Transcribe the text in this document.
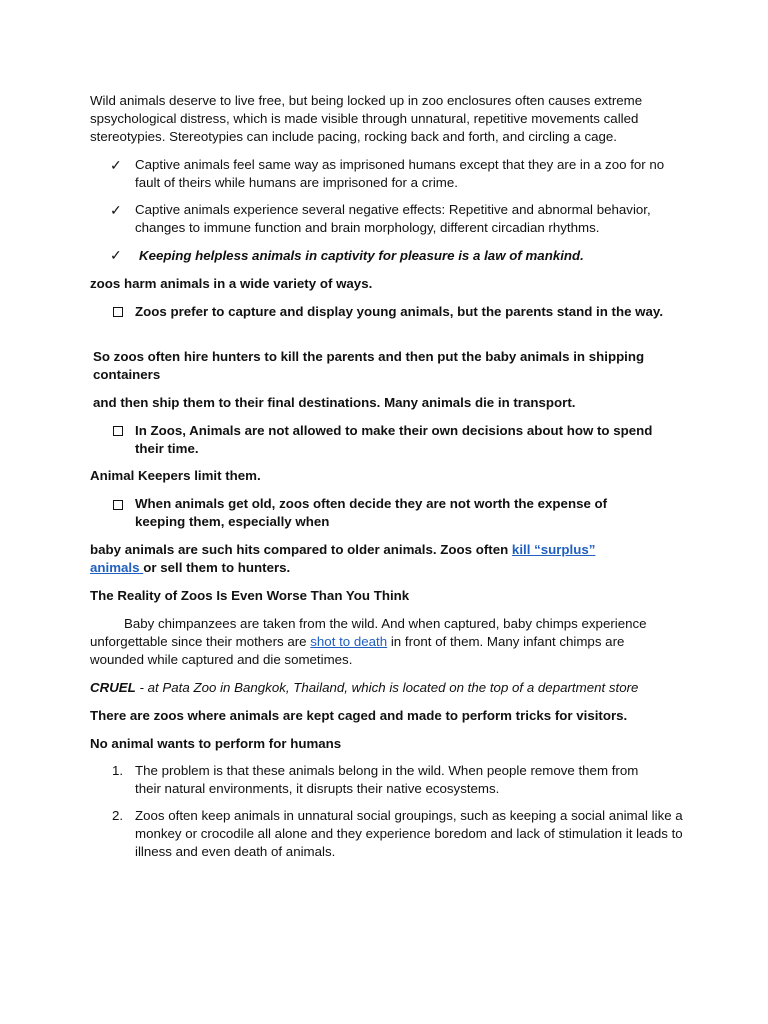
Wild animals deserve to live free, but being locked up in zoo enclosures often causes extreme spsychological distress, which is made visible through unnatural, repetitive movements called stereotypies. Stereotypies can include pacing, rocking back and forth, and circling a cage.

✓ Captive animals feel same way as imprisoned humans except that they are in a zoo for no fault of theirs while humans are imprisoned for a crime.

✓ Captive animals experience several negative effects: Repetitive and abnormal behavior, changes to immune function and brain morphology, different circadian rhythms.

✓	Keeping helpless animals in captivity for pleasure is a law of mankind.

zoos harm animals in a wide variety of ways.

Zoos prefer to capture and display young animals, but the parents stand in the way.

So zoos often hire hunters to kill the parents and then put the baby animals in shipping containers

and then ship them to their final destinations. Many animals die in transport.

In Zoos, Animals are not allowed to make their own decisions about how to spend their time.

Animal Keepers limit them.

When animals get old, zoos often decide they are not worth the expense of keeping them, especially when

baby animals are such hits compared to older animals. Zoos often kill “surplus”
animals or sell them to hunters.

The Reality of Zoos Is Even Worse Than You Think

Baby chimpanzees are taken from the wild. And when captured, baby chimps experience unforgettable since their mothers are shot to death in front of them. Many infant chimps are wounded while captured and die sometimes.

CRUEL - at Pata Zoo in Bangkok, Thailand, which is located on the top of a department store

There are zoos where animals are kept caged and made to perform tricks for visitors.

No animal wants to perform for humans

1. The problem is that these animals belong in the wild. When people remove them from their natural environments, it disrupts their native ecosystems.

2. Zoos often keep animals in unnatural social groupings, such as keeping a social animal like a monkey or crocodile all alone and they experience boredom and lack of stimulation it leads to illness and even death of animals.
